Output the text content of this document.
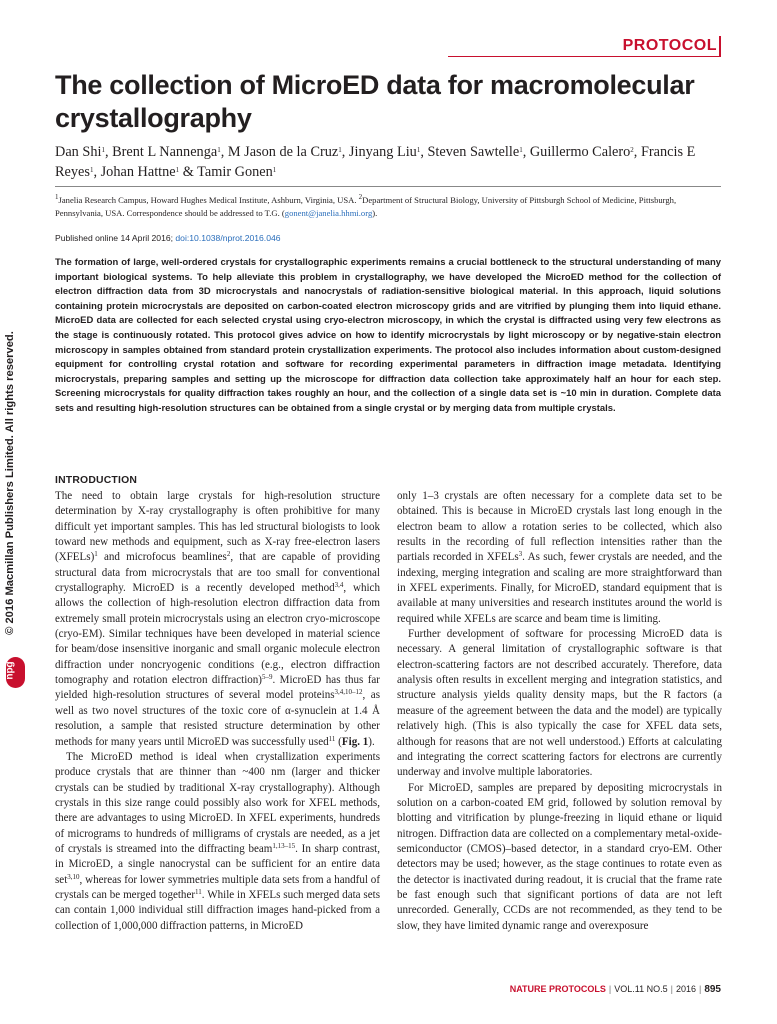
PROTOCOL
The collection of MicroED data for macromolecular crystallography
Dan Shi$^1$, Brent L Nannenga$^1$, M Jason de la Cruz$^1$, Jinyang Liu$^1$, Steven Sawtelle$^1$, Guillermo Calero$^2$, Francis E Reyes$^1$, Johan Hattne$^1$ & Tamir Gonen$^1$
$^1$Janelia Research Campus, Howard Hughes Medical Institute, Ashburn, Virginia, USA. $^2$Department of Structural Biology, University of Pittsburgh School of Medicine, Pittsburgh, Pennsylvania, USA. Correspondence should be addressed to T.G. (gonent@janelia.hhmi.org).
Published online 14 April 2016; doi:10.1038/nprot.2016.046
The formation of large, well-ordered crystals for crystallographic experiments remains a crucial bottleneck to the structural understanding of many important biological systems. To help alleviate this problem in crystallography, we have developed the MicroED method for the collection of electron diffraction data from 3D microcrystals and nanocrystals of radiation-sensitive biological material. In this approach, liquid solutions containing protein microcrystals are deposited on carbon-coated electron microscopy grids and are vitrified by plunging them into liquid ethane. MicroED data are collected for each selected crystal using cryo-electron microscopy, in which the crystal is diffracted using very few electrons as the stage is continuously rotated. This protocol gives advice on how to identify microcrystals by light microscopy or by negative-stain electron microscopy in samples obtained from standard protein crystallization experiments. The protocol also includes information about custom-designed equipment for controlling crystal rotation and software for recording experimental parameters in diffraction image metadata. Identifying microcrystals, preparing samples and setting up the microscope for diffraction data collection take approximately half an hour for each step. Screening microcrystals for quality diffraction takes roughly an hour, and the collection of a single data set is ~10 min in duration. Complete data sets and resulting high-resolution structures can be obtained from a single crystal or by merging data from multiple crystals.
© 2016 Macmillan Publishers Limited. All rights reserved.
npg
INTRODUCTION

The need to obtain large crystals for high-resolution structure determination by X-ray crystallography is often prohibitive for many difficult yet important samples. This has led structural biologists to look toward new methods and equipment, such as X-ray free-electron lasers (XFELs)$^1$ and microfocus beamlines$^2$, that are capable of providing structural data from microcrystals that are too small for conventional crystallography. MicroED is a recently developed method$^{3,4}$, which allows the collection of high-resolution electron diffraction data from extremely small protein microcrystals using an electron cryo-microscope (cryo-EM). Similar techniques have been developed in material science for beam/dose insensitive inorganic and small organic molecule electron diffraction under noncryogenic conditions (e.g., electron diffraction tomography and rotation electron diffraction)$^{5-9}$. MicroED has thus far yielded high-resolution structures of several model proteins$^{3,4,10-12}$, as well as two novel structures of the toxic core of α-synuclein at 1.4 Å resolution, a sample that resisted structure determination by other methods for many years until MicroED was successfully used$^{11}$ (Fig. 1).

The MicroED method is ideal when crystallization experiments produce crystals that are thinner than ~400 nm (larger and thicker crystals can be studied by traditional X-ray crystallography). Although crystals in this size range could possibly also work for XFEL methods, there are advantages to using MicroED. In XFEL experiments, hundreds of micrograms to hundreds of milligrams of crystals are needed, as a jet of crystals is streamed into the diffracting beam$^{1,13-15}$. In sharp contrast, in MicroED, a single nanocrystal can be sufficient for an entire data set$^{3,10}$, whereas for lower symmetries multiple data sets from a handful of crystals can be merged together$^{11}$. While in XFELs such merged data sets can contain 1,000 individual still diffraction images hand-picked from a collection of 1,000,000 diffraction patterns, in MicroED

only 1–3 crystals are often necessary for a complete data set to be obtained. This is because in MicroED crystals last long enough in the electron beam to allow a rotation series to be collected, which also results in the recording of full reflection intensities rather than the partials recorded in XFELs$^3$. As such, fewer crystals are needed, and the indexing, merging integration and scaling are more straightforward than in XFEL experiments. Finally, for MicroED, standard equipment that is available at many universities and research institutes around the world is required while XFELs are scarce and beam time is limiting.

Further development of software for processing MicroED data is necessary. A general limitation of crystallographic software is that electron-scattering factors are not described accurately. Therefore, data analysis often results in excellent merging and integration statistics, and structure analysis yields quality density maps, but the R factors (a measure of the agreement between the data and the model) are typically relatively high. (This is also typically the case for XFEL data sets, although for reasons that are not well understood.) Efforts at calculating and integrating the correct scattering factors for electrons are currently underway and involve multiple laboratories.

For MicroED, samples are prepared by depositing microcrystals in solution on a carbon-coated EM grid, followed by solution removal by blotting and vitrification by plunge-freezing in liquid ethane or liquid nitrogen. Diffraction data are collected on a complementary metal-oxide-semiconductor (CMOS)–based detector, in a standard cryo-EM. Other detectors may be used; however, as the stage continues to rotate even as the detector is inactivated during readout, it is crucial that the frame rate be fast enough such that significant portions of data are not left unrecorded. Generally, CCDs are not recommended, as they tend to be slow, they have limited dynamic range and overexposure

NATURE PROTOCOLS | VOL.11 NO.5 | 2016 | 895
